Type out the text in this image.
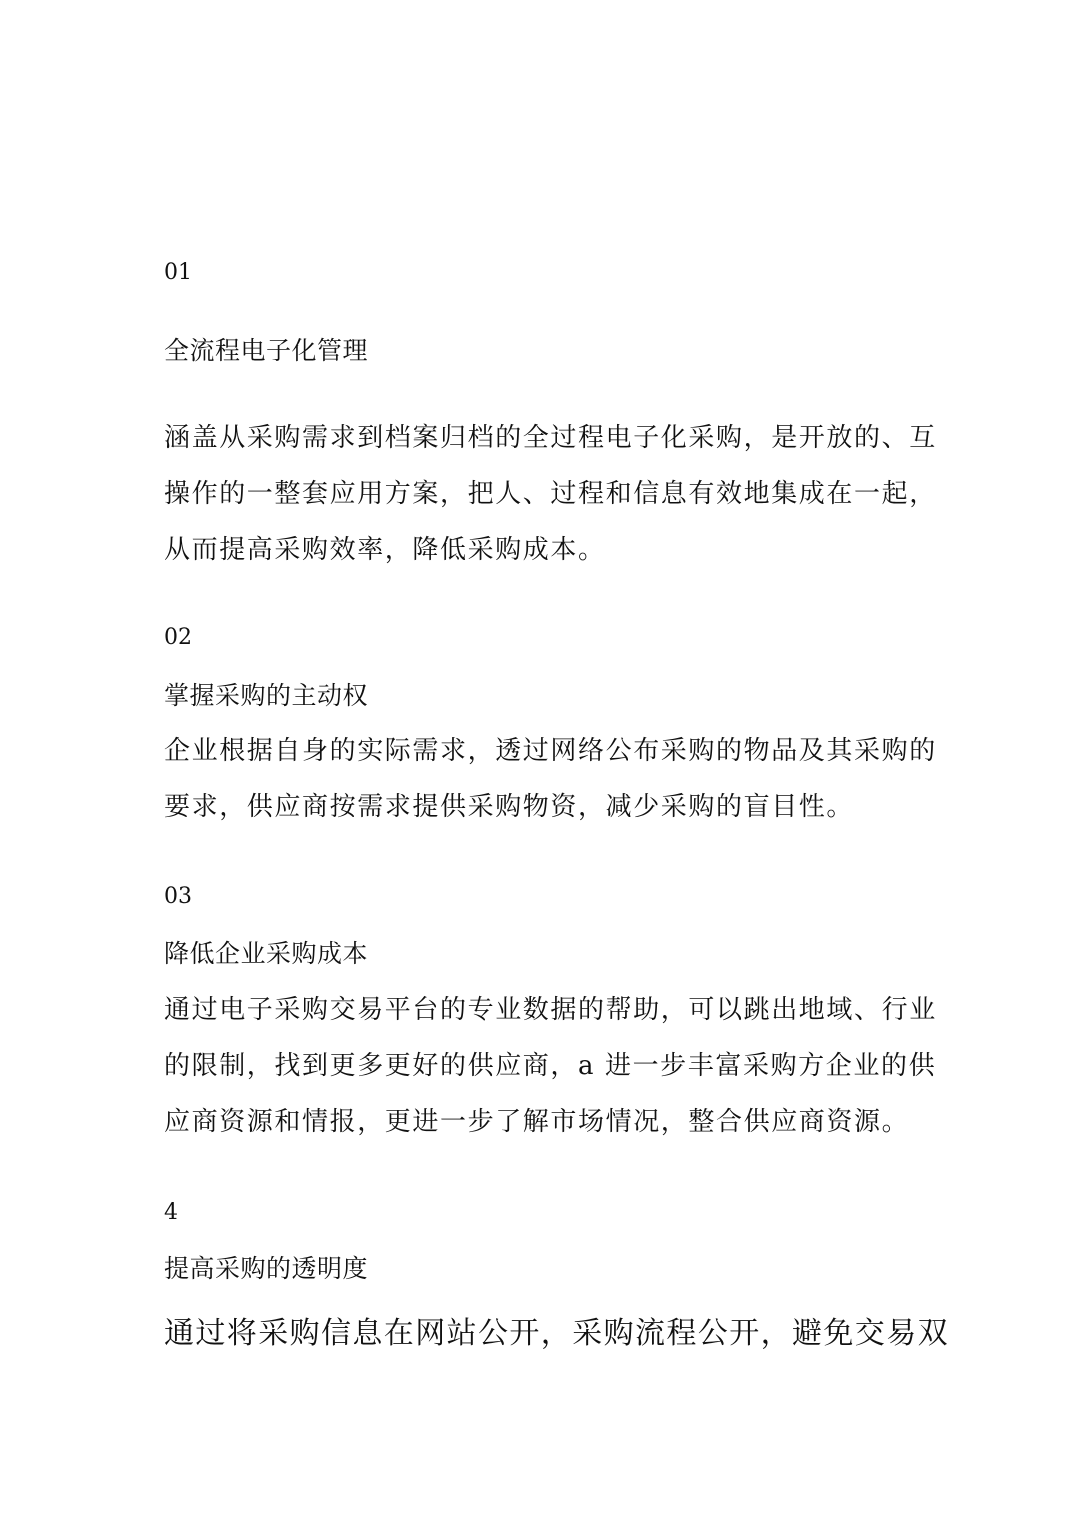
01
全流程电子化管理

涵盖从采购需求到档案归档的全过程电子化采购，是开放的、互
操作的一整套应用方案，把人、过程和信息有效地集成在一起，
从而提高采购效率，降低采购成本。

02
掌握采购的主动权

企业根据自身的实际需求，透过网络公布采购的物品及其采购的
要求，供应商按需求提供采购物资，减少采购的盲目性。

03
降低企业采购成本

通过电子采购交易平台的专业数据的帮助，可以跳出地域、行业
的限制，找到更多更好的供应商，a 进一步丰富采购方企业的供
应商资源和情报，更进一步了解市场情况，整合供应商资源。

4
提高采购的透明度

通过将采购信息在网站公开，采购流程公开，避免交易双
